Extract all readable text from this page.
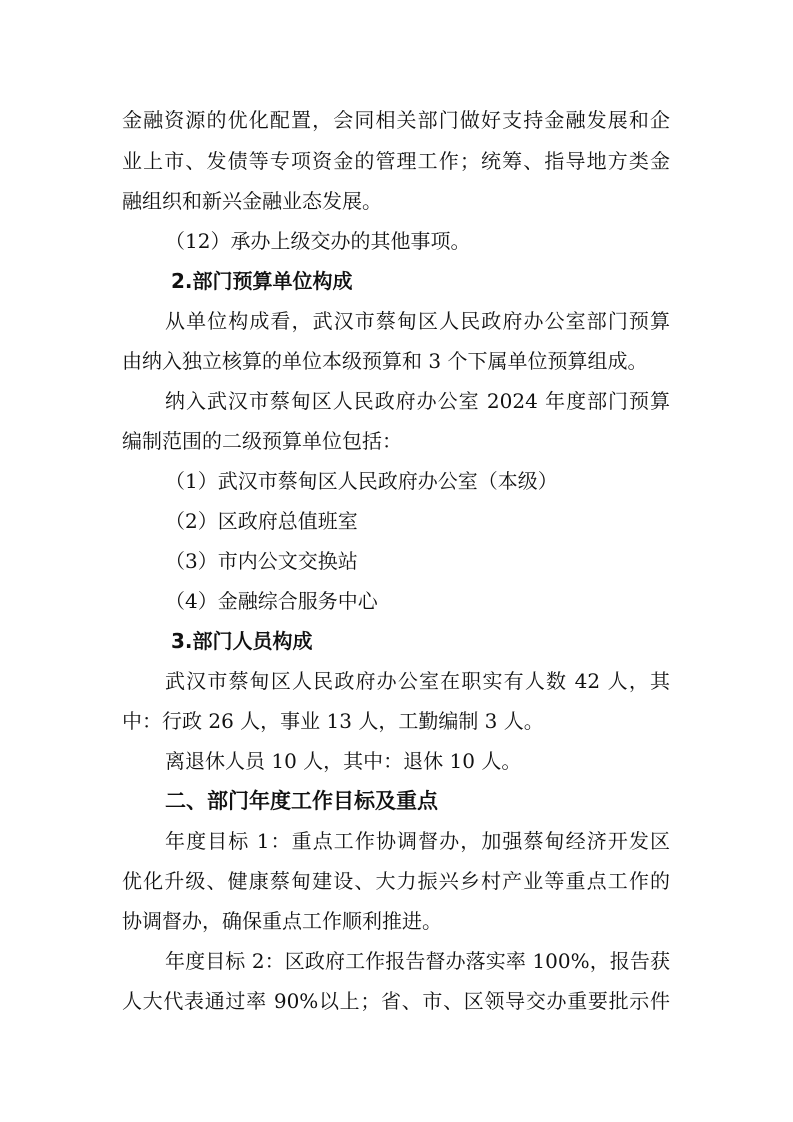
金融资源的优化配置，会同相关部门做好支持金融发展和企

业上市、发债等专项资金的管理工作；统筹、指导地方类金

融组织和新兴金融业态发展。

（12）承办上级交办的其他事项。

2.部门预算单位构成

从单位构成看，武汉市蔡甸区人民政府办公室部门预算

由纳入独立核算的单位本级预算和 3 个下属单位预算组成。

纳入武汉市蔡甸区人民政府办公室 2024 年度部门预算

编制范围的二级预算单位包括：

（1）武汉市蔡甸区人民政府办公室（本级）

（2）区政府总值班室

（3）市内公文交换站

（4）金融综合服务中心

3.部门人员构成

武汉市蔡甸区人民政府办公室在职实有人数 42 人，其

中：行政 26 人，事业 13 人，工勤编制 3 人。

离退休人员 10 人，其中：退休 10 人。

二、部门年度工作目标及重点

年度目标 1：重点工作协调督办，加强蔡甸经济开发区

优化升级、健康蔡甸建设、大力振兴乡村产业等重点工作的

协调督办，确保重点工作顺利推进。

年度目标 2：区政府工作报告督办落实率 100%，报告获

人大代表通过率 90%以上；省、市、区领导交办重要批示件
